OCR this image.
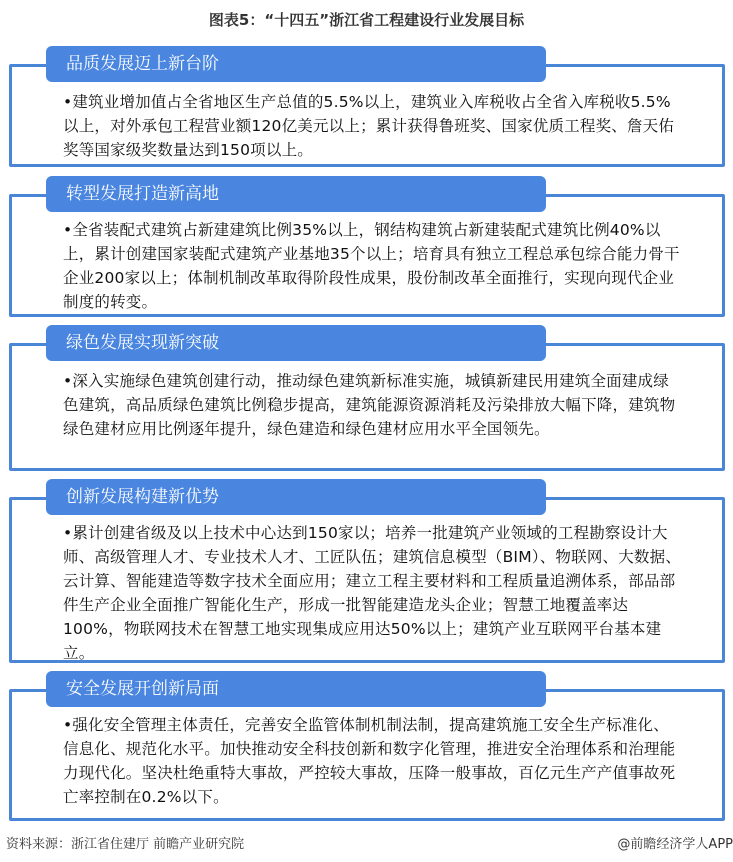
图表5：“十四五”浙江省工程建设行业发展目标
品质发展迈上新台阶
•建筑业增加值占全省地区生产总值的5.5%以上，建筑业入库税收占全省入库税收5.5%以上，对外承包工程营业额120亿美元以上；累计获得鲁班奖、国家优质工程奖、詹天佑奖等国家级奖数量达到150项以上。
转型发展打造新高地
•全省装配式建筑占新建建筑比例35%以上，钢结构建筑占新建装配式建筑比例40%以上，累计创建国家装配式建筑产业基地35个以上；培育具有独立工程总承包综合能力骨干企业200家以上；体制机制改革取得阶段性成果，股份制改革全面推行，实现向现代企业制度的转变。
绿色发展实现新突破
•深入实施绿色建筑创建行动，推动绿色建筑新标准实施，城镇新建民用建筑全面建成绿色建筑，高品质绿色建筑比例稳步提高，建筑能源资源消耗及污染排放大幅下降，建筑物绿色建材应用比例逐年提升，绿色建造和绿色建材应用水平全国领先。
创新发展构建新优势
•累计创建省级及以上技术中心达到150家以；培养一批建筑产业领域的工程勘察设计大师、高级管理人才、专业技术人才、工匠队伍；建筑信息模型（BIM）、物联网、大数据、云计算、智能建造等数字技术全面应用；建立工程主要材料和工程质量追溯体系，部品部件生产企业全面推广智能化生产，形成一批智能建造龙头企业；智慧工地覆盖率达100%，物联网技术在智慧工地实现集成应用达50%以上；建筑产业互联网平台基本建立。
安全发展开创新局面
•强化安全管理主体责任，完善安全监管体制机制法制，提高建筑施工安全生产标准化、信息化、规范化水平。加快推动安全科技创新和数字化管理，推进安全治理体系和治理能力现代化。坚决杜绝重特大事故，严控较大事故，压降一般事故，百亿元生产产值事故死亡率控制在0.2%以下。
资料来源：浙江省住建厅 前瞻产业研究院	@前瞻经济学人APP
